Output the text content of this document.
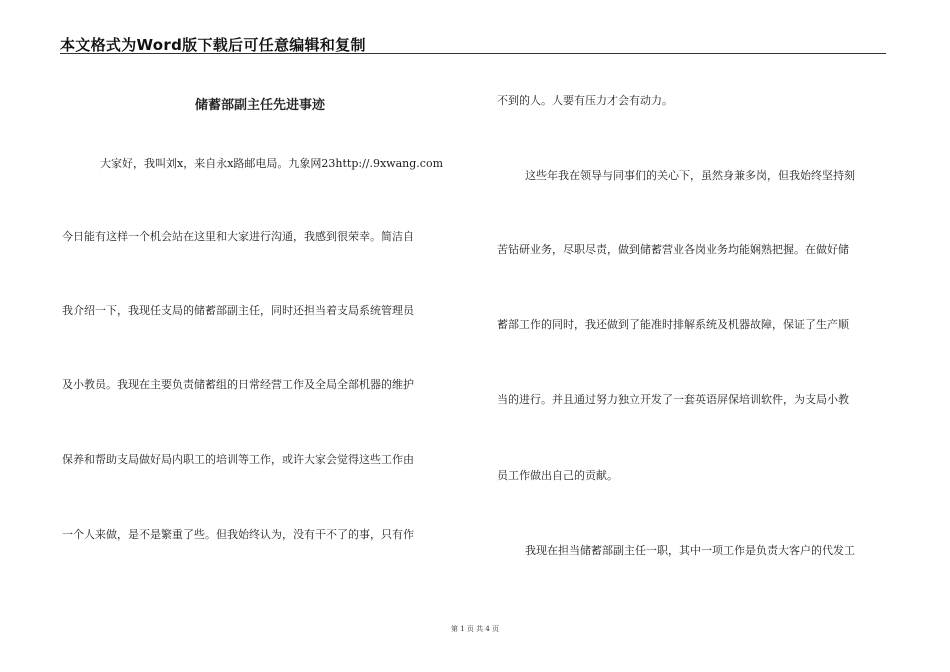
本文格式为Word版下载后可任意编辑和复制
储蓄部副主任先进事迹
大家好，我叫刘x，来自永x路邮电局。九象网23http://.9xwang.com
今日能有这样一个机会站在这里和大家进行沟通，我感到很荣幸。简洁自
我介绍一下，我现任支局的储蓄部副主任，同时还担当着支局系统管理员
及小教员。我现在主要负责储蓄组的日常经营工作及全局全部机器的维护
保养和帮助支局做好局内职工的培训等工作，或许大家会觉得这些工作由
一个人来做，是不是繁重了些。但我始终认为，没有干不了的事，只有作
不到的人。人要有压力才会有动力。
这些年我在领导与同事们的关心下，虽然身兼多岗，但我始终坚持刻
苦钻研业务，尽职尽责，做到储蓄营业各岗业务均能娴熟把握。在做好储
蓄部工作的同时，我还做到了能准时排解系统及机器故障，保证了生产顺
当的进行。并且通过努力独立开发了一套英语屏保培训软件，为支局小教
员工作做出自己的贡献。
我现在担当储蓄部副主任一职，其中一项工作是负责大客户的代发工
第 1 页 共 4 页
